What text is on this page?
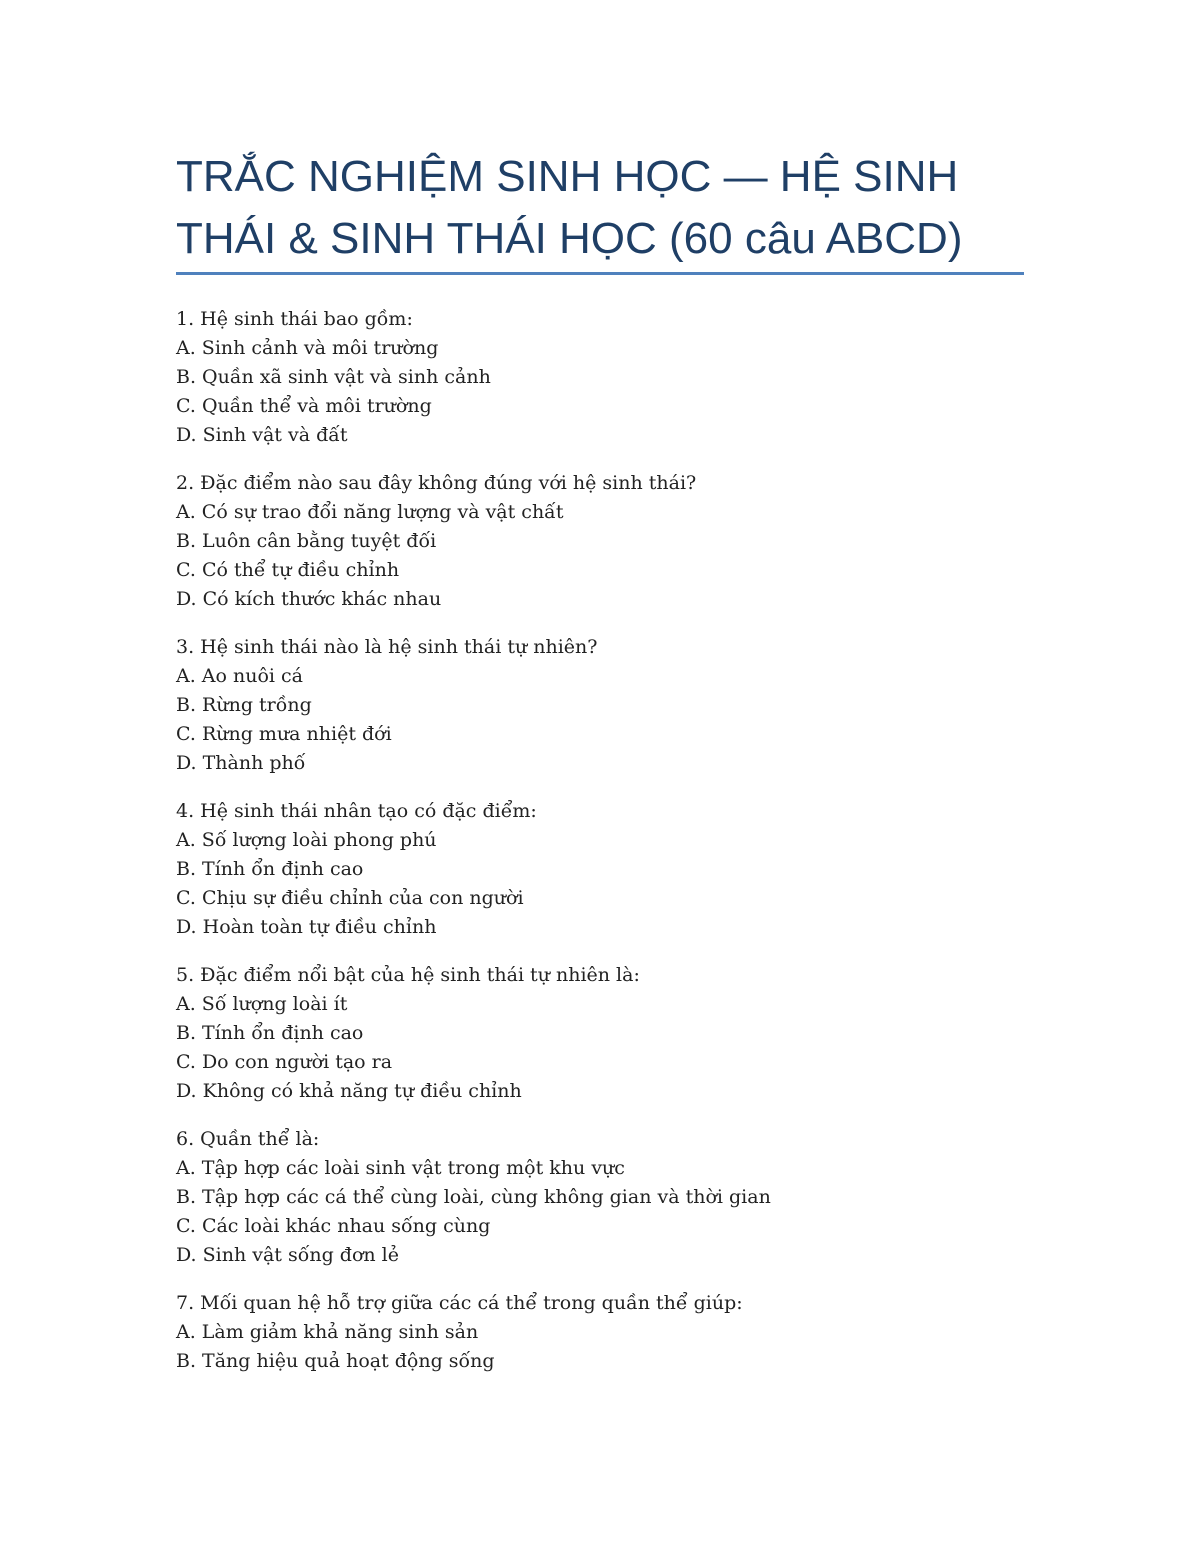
TRẮC NGHIỆM SINH HỌC — HỆ SINH THÁI & SINH THÁI HỌC (60 câu ABCD)
1. Hệ sinh thái bao gồm:
A. Sinh cảnh và môi trường
B. Quần xã sinh vật và sinh cảnh
C. Quần thể và môi trường
D. Sinh vật và đất
2. Đặc điểm nào sau đây không đúng với hệ sinh thái?
A. Có sự trao đổi năng lượng và vật chất
B. Luôn cân bằng tuyệt đối
C. Có thể tự điều chỉnh
D. Có kích thước khác nhau
3. Hệ sinh thái nào là hệ sinh thái tự nhiên?
A. Ao nuôi cá
B. Rừng trồng
C. Rừng mưa nhiệt đới
D. Thành phố
4. Hệ sinh thái nhân tạo có đặc điểm:
A. Số lượng loài phong phú
B. Tính ổn định cao
C. Chịu sự điều chỉnh của con người
D. Hoàn toàn tự điều chỉnh
5. Đặc điểm nổi bật của hệ sinh thái tự nhiên là:
A. Số lượng loài ít
B. Tính ổn định cao
C. Do con người tạo ra
D. Không có khả năng tự điều chỉnh
6. Quần thể là:
A. Tập hợp các loài sinh vật trong một khu vực
B. Tập hợp các cá thể cùng loài, cùng không gian và thời gian
C. Các loài khác nhau sống cùng
D. Sinh vật sống đơn lẻ
7. Mối quan hệ hỗ trợ giữa các cá thể trong quần thể giúp:
A. Làm giảm khả năng sinh sản
B. Tăng hiệu quả hoạt động sống
